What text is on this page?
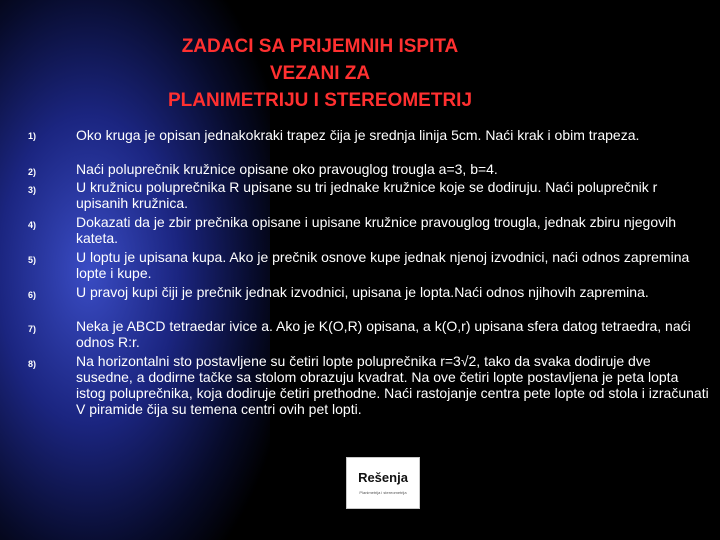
ZADACI SA PRIJEMNIH ISPITA
VEZANI ZA
PLANIMETRIJU I STEREOMETRIJ
1)	Oko kruga je opisan jednakokraki trapez čija je srednja linija 5cm. Naći krak i obim trapeza.
2)	Naći poluprečnik kružnice opisane oko pravouglog trougla a=3, b=4.
3)	U kružnicu poluprečnika R upisane su tri jednake kružnice koje se dodiruju. Naći poluprečnik r upisanih kružnica.
4)	Dokazati da je zbir prečnika opisane i upisane kružnice pravouglog trougla, jednak zbiru njegovih kateta.
5)	U loptu je upisana kupa. Ako je prečnik osnove kupe jednak njenoj izvodnici, naći odnos zapremina lopte i kupe.
6)	U pravoj kupi čiji je prečnik jednak izvodnici, upisana je lopta.Naći odnos njihovih zapremina.
7)	Neka je ABCD tetraedar ivice a. Ako je K(O,R) opisana, a k(O,r) upisana sfera datog tetraedra, naći odnos R:r.
8)	Na horizontalni sto postavljene su četiri lopte poluprečnika r=3√2, tako da svaka dodiruje dve susedne, a dodirne tačke sa stolom obrazuju kvadrat. Na ove četiri lopte postavljena je peta lopta istog poluprečnika, koja dodiruje četiri prethodne. Naći rastojanje centra pete lopte od stola i izračunati V piramide čija su temena centri ovih pet lopti.
Rešenja
Planimetrija i stereometrija
